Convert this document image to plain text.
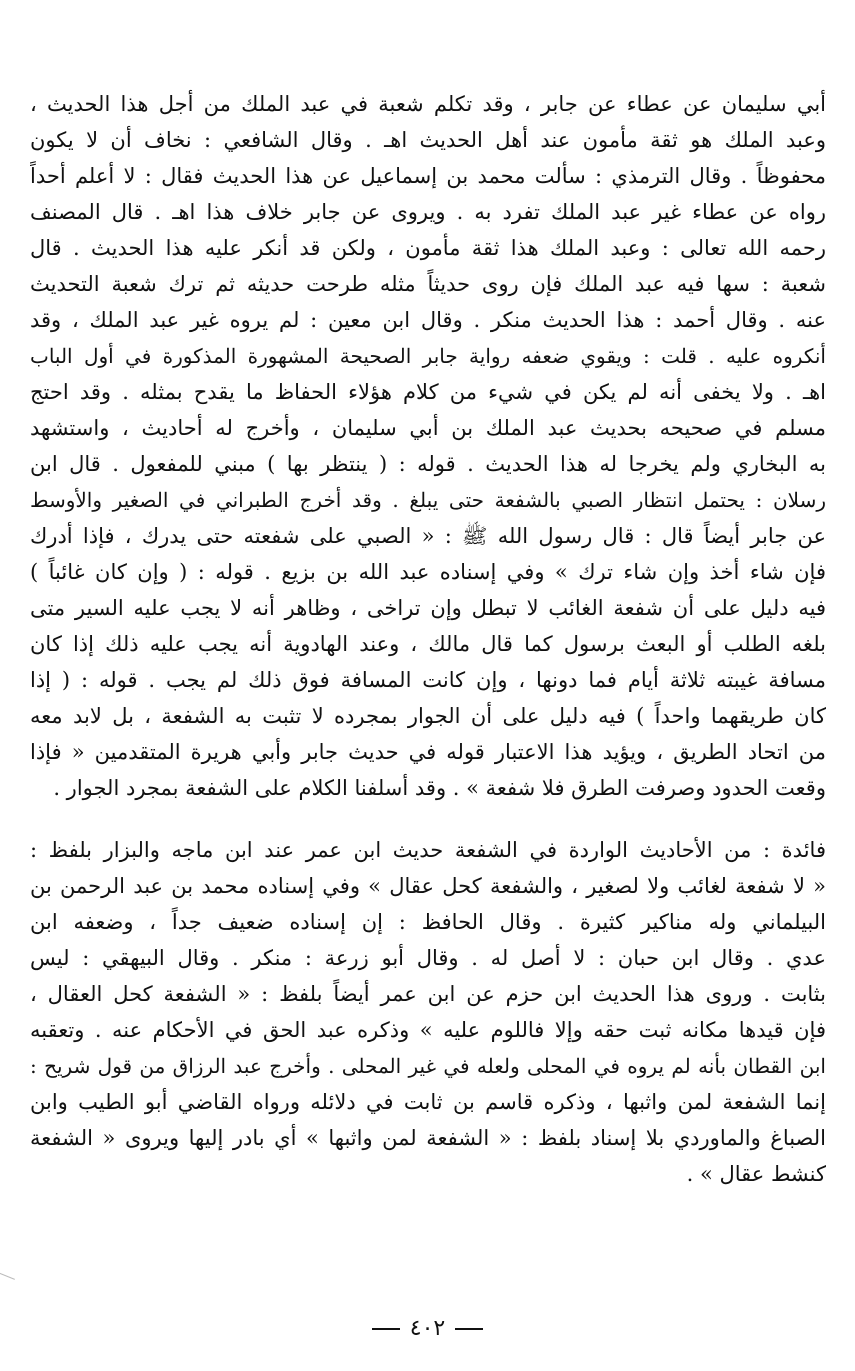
أبي سليمان عن عطاء عن جابر ، وقد تكلم شعبة في عبد الملك من أجل هذا الحديث ،
وعبد الملك هو ثقة مأمون عند أهل الحديث اهـ . وقال الشافعي : نخاف أن لا يكون
محفوظاً . وقال الترمذي : سألت محمد بن إسماعيل عن هذا الحديث فقال : لا أعلم أحداً
رواه عن عطاء غير عبد الملك تفرد به . ويروى عن جابر خلاف هذا اهـ . قال المصنف
رحمه الله تعالى : وعبد الملك هذا ثقة مأمون ، ولكن قد أنكر عليه هذا الحديث . قال
شعبة : سها فيه عبد الملك فإن روى حديثاً مثله طرحت حديثه ثم ترك شعبة التحديث
عنه . وقال أحمد : هذا الحديث منكر . وقال ابن معين : لم يروه غير عبد الملك ، وقد
أنكروه عليه . قلت : ويقوي ضعفه رواية جابر الصحيحة المشهورة المذكورة في أول الباب
اهـ . ولا يخفى أنه لم يكن في شيء من كلام هؤلاء الحفاظ ما يقدح بمثله . وقد احتج
مسلم في صحيحه بحديث عبد الملك بن أبي سليمان ، وأخرج له أحاديث ، واستشهد
به البخاري ولم يخرجا له هذا الحديث . قوله : ( ينتظر بها ) مبني للمفعول . قال ابن
رسلان : يحتمل انتظار الصبي بالشفعة حتى يبلغ . وقد أخرج الطبراني في الصغير والأوسط
عن جابر أيضاً قال : قال رسول الله ﷺ : « الصبي على شفعته حتى يدرك ، فإذا أدرك
فإن شاء أخذ وإن شاء ترك » وفي إسناده عبد الله بن بزيع . قوله : ( وإن كان غائباً )
فيه دليل على أن شفعة الغائب لا تبطل وإن تراخى ، وظاهر أنه لا يجب عليه السير متى
بلغه الطلب أو البعث برسول كما قال مالك ، وعند الهادوية أنه يجب عليه ذلك إذا كان
مسافة غيبته ثلاثة أيام فما دونها ، وإن كانت المسافة فوق ذلك لم يجب . قوله : ( إذا
كان طريقهما واحداً ) فيه دليل على أن الجوار بمجرده لا تثبت به الشفعة ، بل لابد معه
من اتحاد الطريق ، ويؤيد هذا الاعتبار قوله في حديث جابر وأبي هريرة المتقدمين « فإذا
وقعت الحدود وصرفت الطرق فلا شفعة » . وقد أسلفنا الكلام على الشفعة بمجرد الجوار .
فائدة : من الأحاديث الواردة في الشفعة حديث ابن عمر عند ابن ماجه والبزار بلفظ :
« لا شفعة لغائب ولا لصغير ، والشفعة كحل عقال » وفي إسناده محمد بن عبد الرحمن بن
البيلماني وله مناكير كثيرة . وقال الحافظ : إن إسناده ضعيف جداً ، وضعفه ابن
عدي . وقال ابن حبان : لا أصل له . وقال أبو زرعة : منكر . وقال البيهقي : ليس
بثابت . وروى هذا الحديث ابن حزم عن ابن عمر أيضاً بلفظ : « الشفعة كحل العقال ،
فإن قيدها مكانه ثبت حقه وإلا فاللوم عليه » وذكره عبد الحق في الأحكام عنه . وتعقبه
ابن القطان بأنه لم يروه في المحلى ولعله في غير المحلى . وأخرج عبد الرزاق من قول شريح :
إنما الشفعة لمن واثبها ، وذكره قاسم بن ثابت في دلائله ورواه القاضي أبو الطيب وابن
الصباغ والماوردي بلا إسناد بلفظ : « الشفعة لمن واثبها » أي بادر إليها ويروى « الشفعة
كنشط عقال » .
٤٠٢
